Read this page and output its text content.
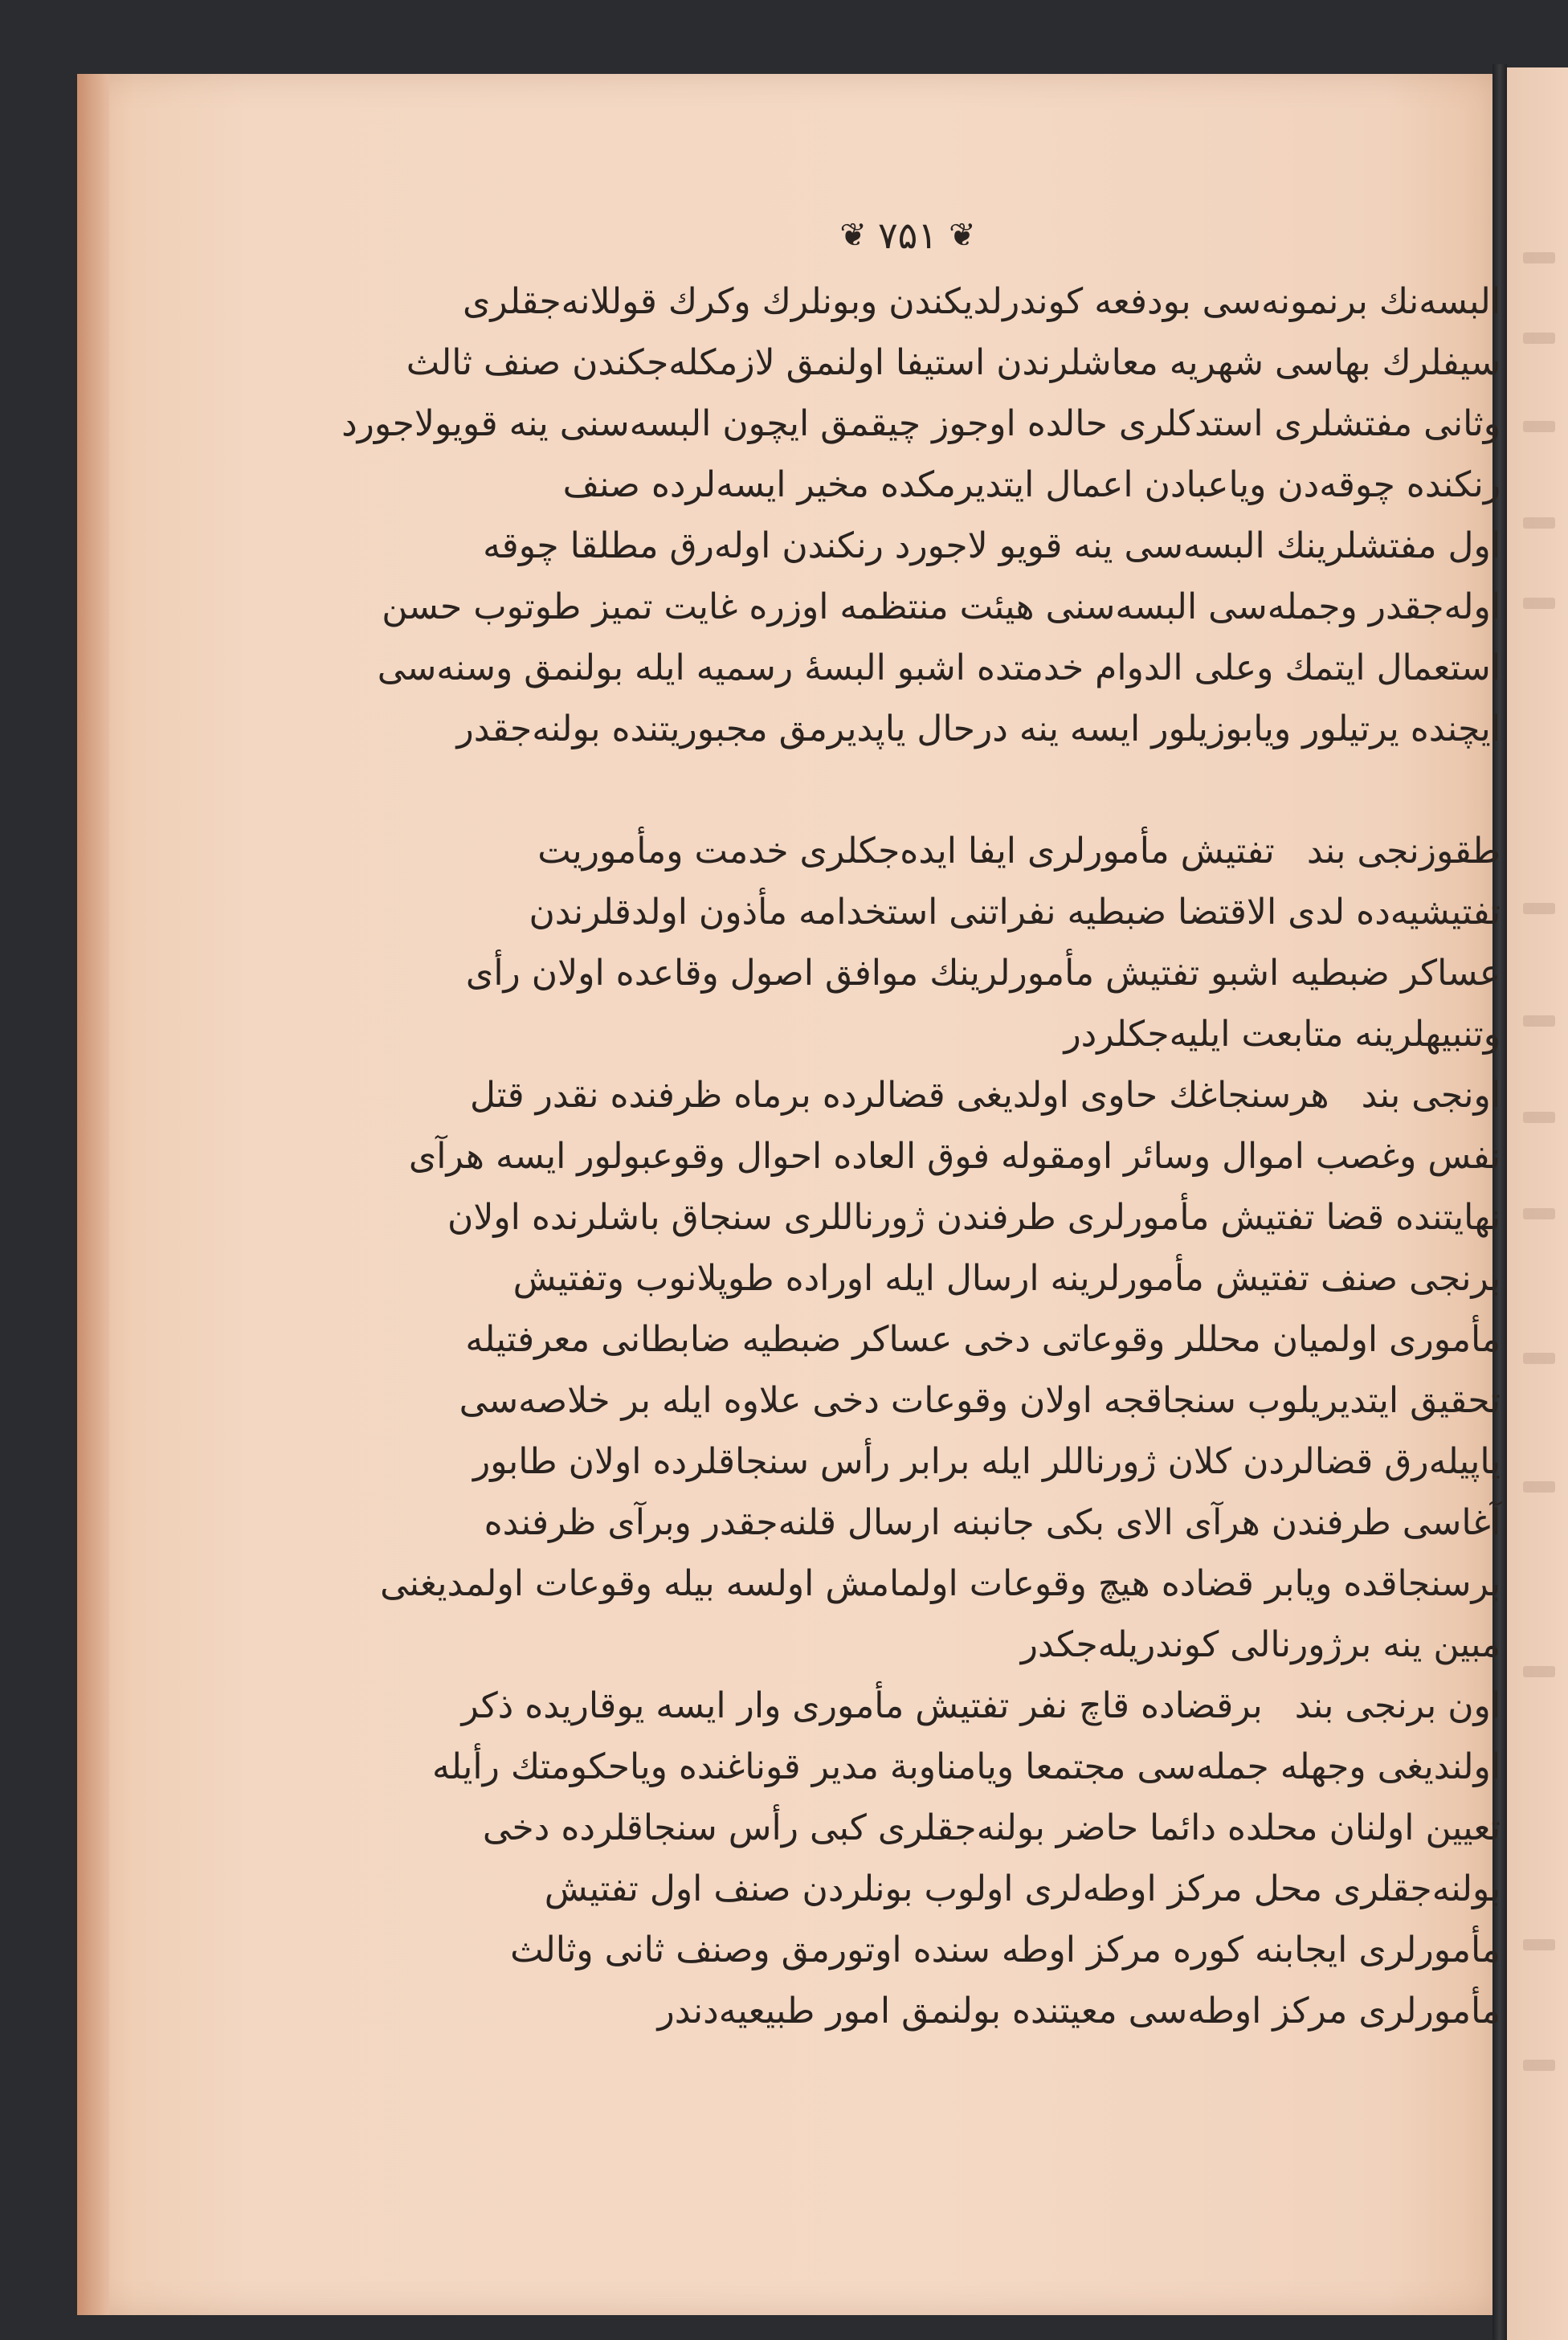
❦ ۷۵۱ ❦
البسه‌نك برنمونه‌سی بودفعه كوندرلدیكندن وبونلرك وكرك قوللانه‌جقلری
سیفلرك بهاسی شهریه معاشلرندن استیفا اولنمق لازمكله‌جكندن صنف ثالث
وثانی مفتشلری استدكلری حالده اوجوز چیقمق ایچون البسه‌سنی ینه قویولاجورد
رنكنده چوقه‌دن ویاعبادن اعمال ایتدیرمكده مخیر ایسه‌لرده صنف
اول مفتشلرینك البسه‌سی ینه قویو لاجورد رنكندن اوله‌رق مطلقا چوقه
اوله‌جقدر وجمله‌سی البسه‌سنی هیئت منتظمه اوزره غایت تمیز طوتوب حسن
استعمال ایتمك وعلی الدوام خدمتده اشبو البسهٔ رسمیه ایله بولنمق وسنه‌سی
ایچنده یرتیلور ویابوزیلور ایسه ینه درحال یاپدیرمق مجبوریتنده بولنه‌جقدر
طقوزنجی بندتفتیش مأمورلری ایفا ایده‌جكلری خدمت ومأموریت
تفتیشیه‌ده لدی الاقتضا ضبطیه نفراتنی استخدامه مأذون اولدقلرندن
عساكر ضبطیه اشبو تفتیش مأمورلرینك موافق اصول وقاعده اولان رأی
وتنبیهلرینه متابعت ایلیه‌جكلردر
اونجی بندهرسنجاغك حاوی اولدیغی قضالرده برماه ظرفنده نقدر قتل
نفس وغصب اموال وسائر اومقوله فوق العاده احوال وقوعبولور ایسه هرآی
نهایتنده قضا تفتیش مأمورلری طرفندن ژورناللری سنجاق باشلرنده اولان
برنجی صنف تفتیش مأمورلرینه ارسال ایله اوراده طوپلانوب وتفتیش
مأموری اولمیان محللر وقوعاتی دخی عساكر ضبطیه ضابطانی معرفتیله
تحقیق ایتدیریلوب سنجاقجه اولان وقوعات دخی علاوه ایله بر خلاصه‌سی
یاپیله‌رق قضالردن كلان ژورناللر ایله برابر رأس سنجاقلرده اولان طابور
آغاسی طرفندن هرآی الای بكی جانبنه ارسال قلنه‌جقدر وبرآی ظرفنده
برسنجاقده ویابر قضاده هیچ وقوعات اولمامش اولسه بیله وقوعات اولمدیغنی
مبین ینه برژورنالی كوندریله‌جكدر
اون برنجی بندبرقضاده قاچ نفر تفتیش مأموری وار ایسه یوقاریده ذكر
اولندیغی وجهله جمله‌سی مجتمعا ویامناوبة مدیر قوناغنده ویاحكومتك رأیله
تعیین اولنان محلده دائما حاضر بولنه‌جقلری كبی رأس سنجاقلرده دخی
بولنه‌جقلری محل مركز اوطه‌لری اولوب بونلردن صنف اول تفتیش
مأمورلری ایجابنه كوره مركز اوطه سنده اوتورمق وصنف ثانی وثالث
مأمورلری مركز اوطه‌سی معیتنده بولنمق امور طبیعیه‌دندر
